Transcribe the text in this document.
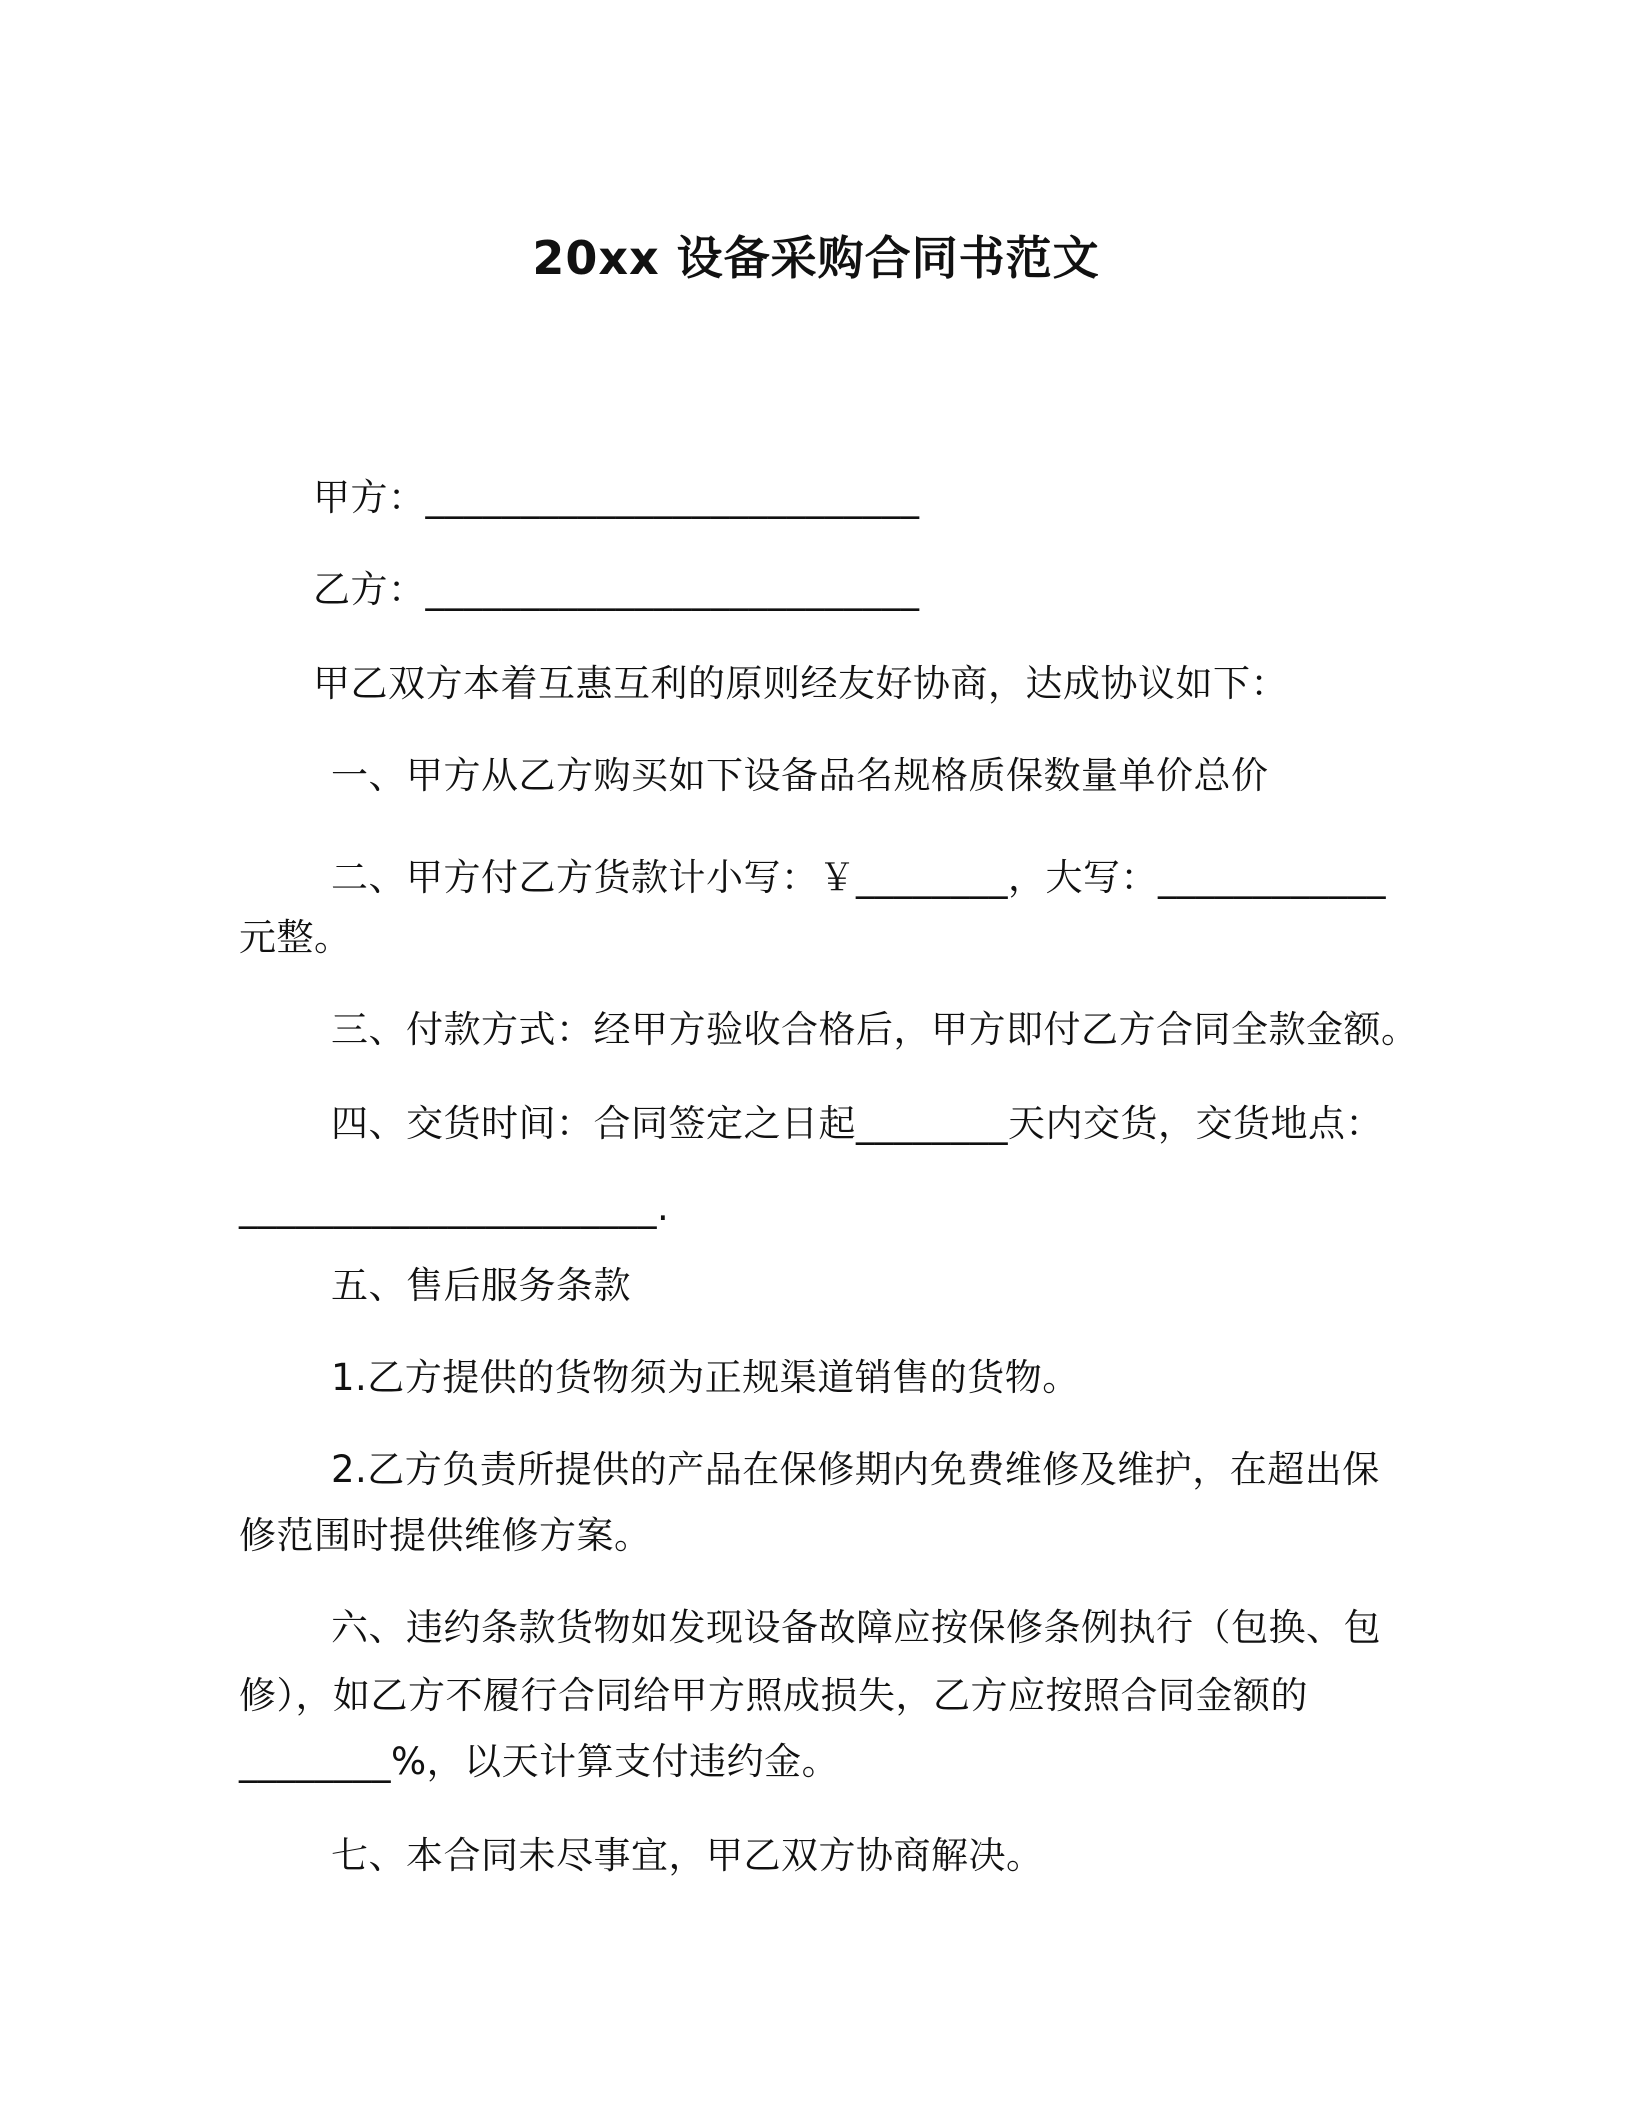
20xx 设备采购合同书范文
甲方：__________________________
乙方：__________________________
甲乙双方本着互惠互利的原则经友好协商，达成协议如下：
一、甲方从乙方购买如下设备品名规格质保数量单价总价
二、甲方付乙方货款计小写：￥________，大写：____________
元整。
三、付款方式：经甲方验收合格后，甲方即付乙方合同全款金额。
四、交货时间：合同签定之日起________天内交货，交货地点：
______________________.
五、售后服务条款
1.乙方提供的货物须为正规渠道销售的货物。
2.乙方负责所提供的产品在保修期内免费维修及维护，在超出保
修范围时提供维修方案。
六、违约条款货物如发现设备故障应按保修条例执行（包换、包
修），如乙方不履行合同给甲方照成损失，乙方应按照合同金额的
________%，以天计算支付违约金。
七、本合同未尽事宜，甲乙双方协商解决。
